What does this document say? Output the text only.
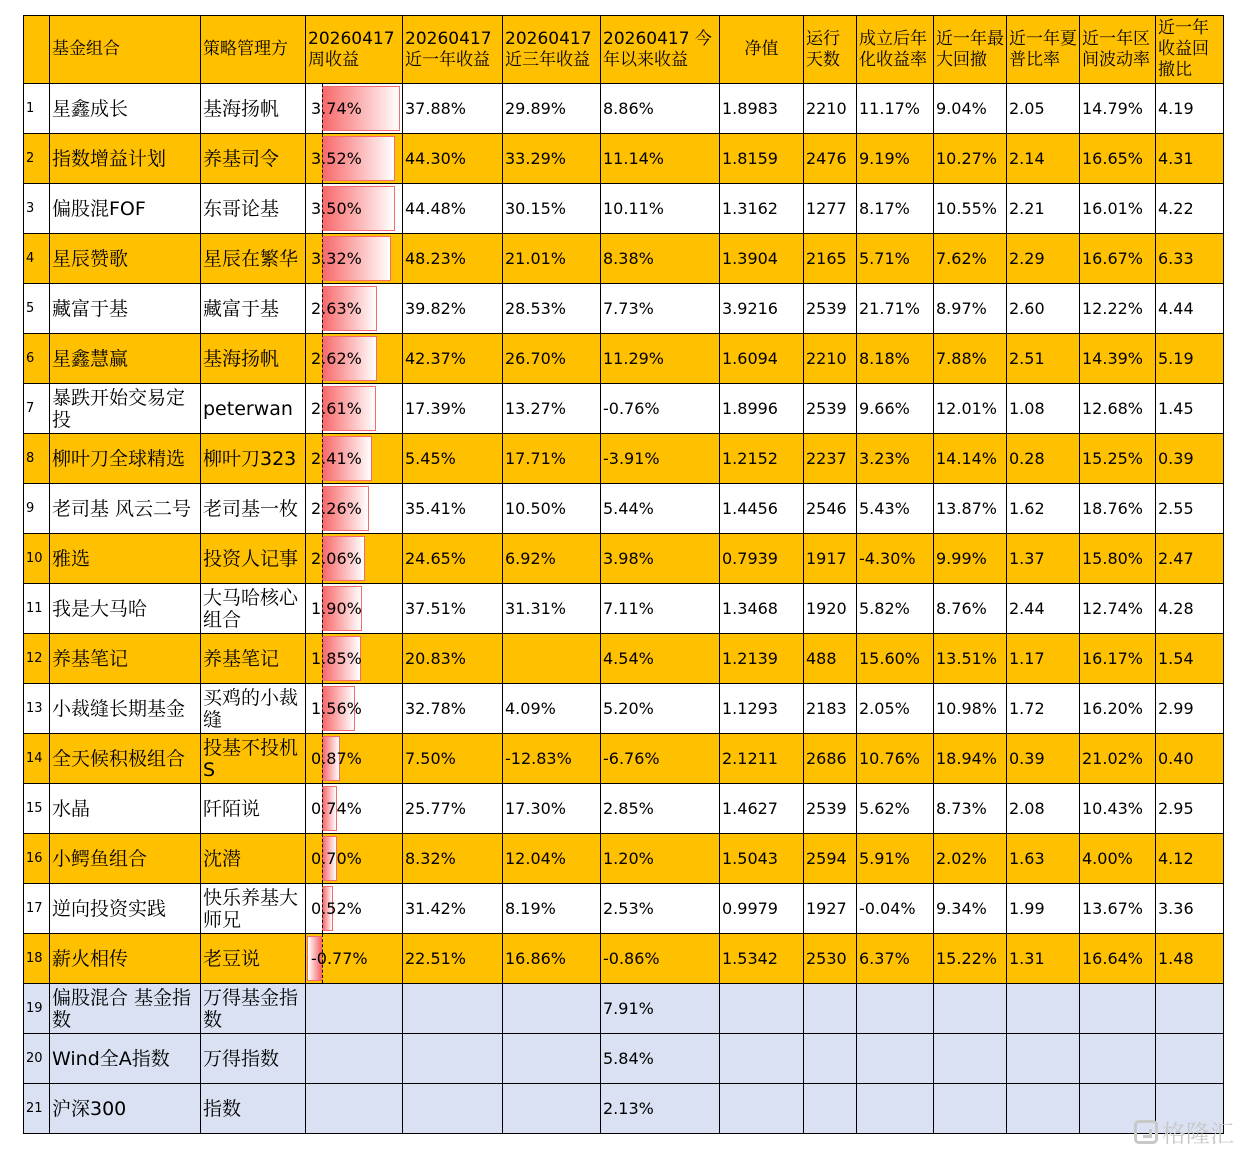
	基金组合	策略管理方	20260417 周收益	20260417 近一年收益	20260417 近三年收益	20260417 今年以来收益	净值	运行天数	成立后年化收益率	近一年最大回撤	近一年夏普比率	近一年区间波动率	近一年收益回撤比
1	星鑫成长	基海扬帆	3.74%	37.88%	29.89%	8.86%	1.8983	2210	11.17%	9.04%	2.05	14.79%	4.19
2	指数增益计划	养基司令	3.52%	44.30%	33.29%	11.14%	1.8159	2476	9.19%	10.27%	2.14	16.65%	4.31
3	偏股混FOF	东哥论基	3.50%	44.48%	30.15%	10.11%	1.3162	1277	8.17%	10.55%	2.21	16.01%	4.22
4	星辰赞歌	星辰在繁华	3.32%	48.23%	21.01%	8.38%	1.3904	2165	5.71%	7.62%	2.29	16.67%	6.33
5	藏富于基	藏富于基	2.63%	39.82%	28.53%	7.73%	3.9216	2539	21.71%	8.97%	2.60	12.22%	4.44
6	星鑫慧赢	基海扬帆	2.62%	42.37%	26.70%	11.29%	1.6094	2210	8.18%	7.88%	2.51	14.39%	5.19
7	暴跌开始交易定投	peterwan	2.61%	17.39%	13.27%	-0.76%	1.8996	2539	9.66%	12.01%	1.08	12.68%	1.45
8	柳叶刀全球精选	柳叶刀323	2.41%	5.45%	17.71%	-3.91%	1.2152	2237	3.23%	14.14%	0.28	15.25%	0.39
9	老司基 风云二号	老司基一枚	2.26%	35.41%	10.50%	5.44%	1.4456	2546	5.43%	13.87%	1.62	18.76%	2.55
10	雅选	投资人记事	2.06%	24.65%	6.92%	3.98%	0.7939	1917	-4.30%	9.99%	1.37	15.80%	2.47
11	我是大马哈	大马哈核心组合	1.90%	37.51%	31.31%	7.11%	1.3468	1920	5.82%	8.76%	2.44	12.74%	4.28
12	养基笔记	养基笔记	1.85%	20.83%		4.54%	1.2139	488	15.60%	13.51%	1.17	16.17%	1.54
13	小裁缝长期基金	买鸡的小裁缝	1.56%	32.78%	4.09%	5.20%	1.1293	2183	2.05%	10.98%	1.72	16.20%	2.99
14	全天候积极组合	投基不投机S	0.87%	7.50%	-12.83%	-6.76%	2.1211	2686	10.76%	18.94%	0.39	21.02%	0.40
15	水晶	阡陌说	0.74%	25.77%	17.30%	2.85%	1.4627	2539	5.62%	8.73%	2.08	10.43%	2.95
16	小鳄鱼组合	沈潜	0.70%	8.32%	12.04%	1.20%	1.5043	2594	5.91%	2.02%	1.63	4.00%	4.12
17	逆向投资实践	快乐养基大师兄	0.52%	31.42%	8.19%	2.53%	0.9979	1927	-0.04%	9.34%	1.99	13.67%	3.36
18	薪火相传	老豆说	-0.77%	22.51%	16.86%	-0.86%	1.5342	2530	6.37%	15.22%	1.31	16.64%	1.48
19	偏股混合 基金指数	万得基金指数				7.91%							
20	Wind全A指数	万得指数				5.84%							
21	沪深300	指数				2.13%							
格隆汇
